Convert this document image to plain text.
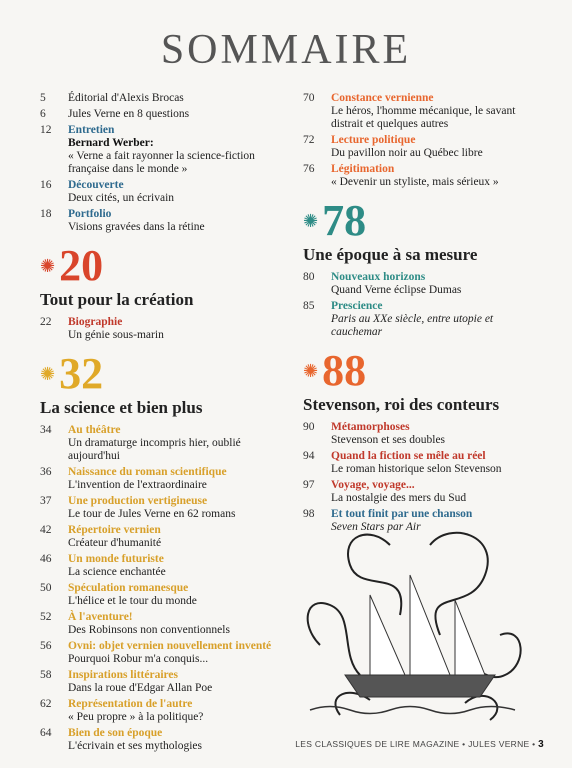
SOMMAIRE
5	Éditorial d'Alexis Brocas
6	Jules Verne en 8 questions
12	Entretien
Bernard Werber:
« Verne a fait rayonner la science-fiction française dans le monde »
16	Découverte
Deux cités, un écrivain
18	Portfolio
Visions gravées dans la rétine
✺ 20
Tout pour la création
22	Biographie
Un génie sous-marin
✺ 32
La science et bien plus
34	Au théâtre
Un dramaturge incompris hier, oublié aujourd'hui
36	Naissance du roman scientifique
L'invention de l'extraordinaire
37	Une production vertigineuse
Le tour de Jules Verne en 62 romans
42	Répertoire vernien
Créateur d'humanité
46	Un monde futuriste
La science enchantée
50	Spéculation romanesque
L'hélice et le tour du monde
52	À l'aventure!
Des Robinsons non conventionnels
56	Ovni: objet vernien nouvellement inventé
Pourquoi Robur m'a conquis...
58	Inspirations littéraires
Dans la roue d'Edgar Allan Poe
62	Représentation de l'autre
« Peu propre » à la politique?
64	Bien de son époque
L'écrivain et ses mythologies
70	Constance vernienne
Le héros, l'homme mécanique, le savant distrait et quelques autres
72	Lecture politique
Du pavillon noir au Québec libre
76	Légitimation
« Devenir un styliste, mais sérieux »
✺ 78
Une époque à sa mesure
80	Nouveaux horizons
Quand Verne éclipse Dumas
85	Prescience
Paris au XXe siècle, entre utopie et cauchemar
✺ 88
Stevenson, roi des conteurs
90	Métamorphoses
Stevenson et ses doubles
94	Quand la fiction se mêle au réel
Le roman historique selon Stevenson
97	Voyage, voyage...
La nostalgie des mers du Sud
98	Et tout finit par une chanson
Seven Stars par Air
LES CLASSIQUES DE LIRE MAGAZINE • JULES VERNE • 3
